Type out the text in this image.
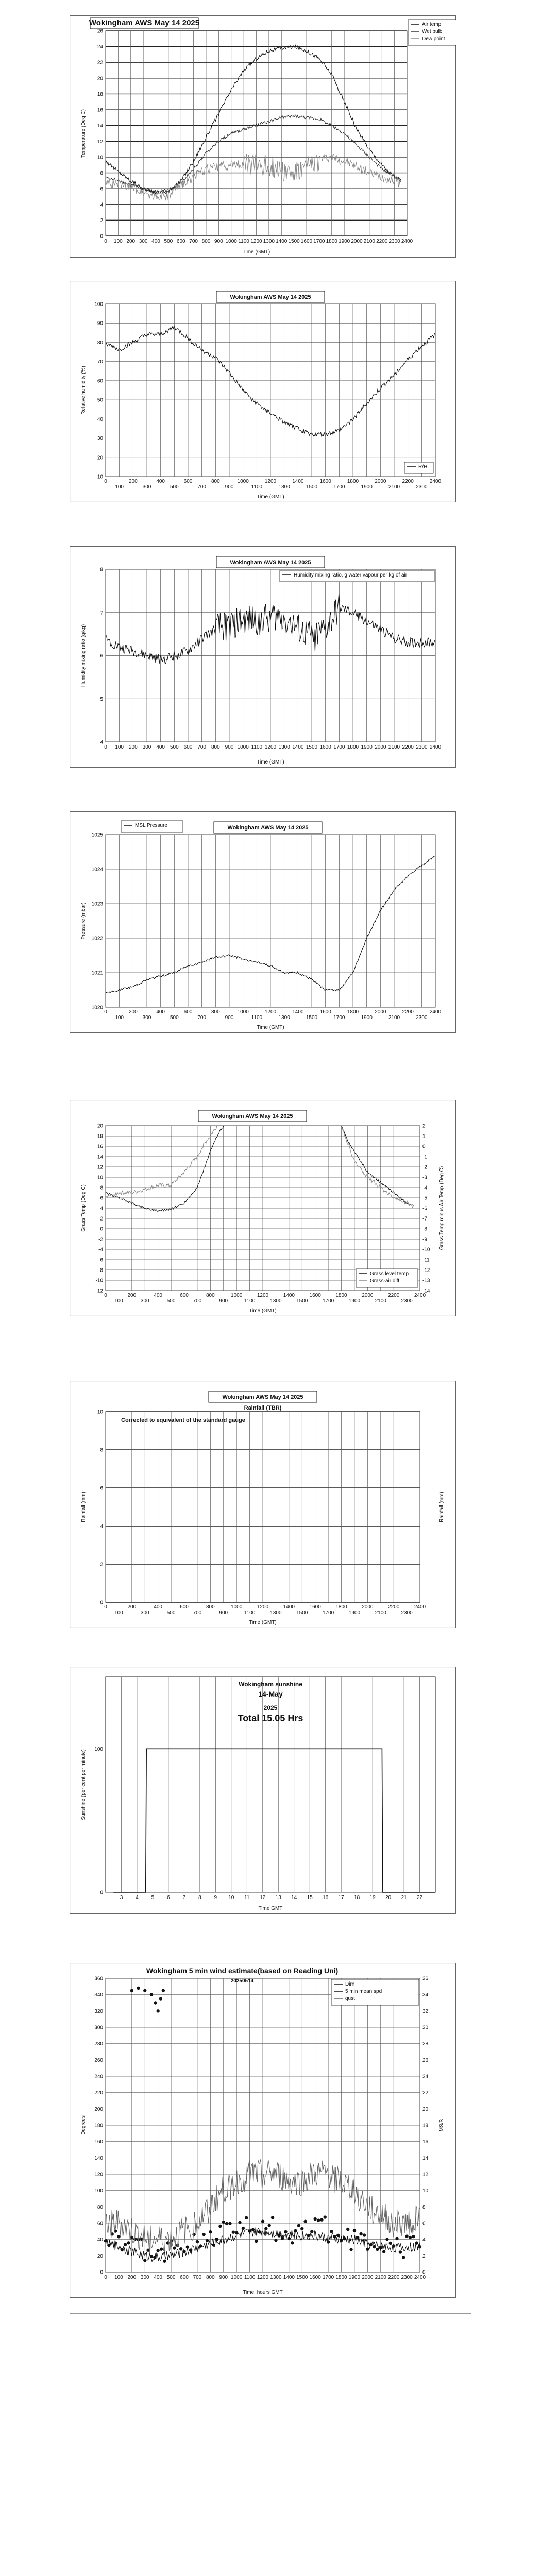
0
2
4
6
8
10
12
14
16
18
20
22
24
26
0 100 200 300 400 500 600 700 800 900 1000 1100 1200 1300 1400 1500 1600 1700 1800 1900 2000 2100 2200 2300 2400
Time (GMT)
Temperature (Deg C)
Wokingham AWS May 14 2025	Air temp
Wet bulb
Dew point
10
20
30
40
50
60
70
80
90
100
0	200	400	600	800	1000	1200	1400	1600	1800	2000	2200	2400
100	300	500	700	900	1100	1300	1500	1700	1900	2100	2300
Time (GMT)
Relative humidity (%)
Wokingham AWS May 14 2025
R/H
4
5
6
7
8
0 100 200 300 400 500 600 700 800 900 1000 1100 1200 1300 1400 1500 1600 1700 1800 1900 2000 2100 2200 2300 2400
Time (GMT)
Humidity mixing ratio (g/kg)
Wokingham AWS May 14 2025
Humidity mixing ratio, g water vapour per kg of air
1020
1021
1022
1023
1024
1025
0	200	400	600	800	1000	1200	1400	1600	1800	2000	2200	2400
100	300	500	700	900	1100	1300	1500	1700	1900	2100	2300
Time (GMT)
Pressure (mbar)
Wokingham AWS May 14 2025
MSL Pressure
-12
-10
-8
-6
-4
-2
0
2
4
6
8
10
12
14
16
18
20
-14
-13
-12
-11
-10
-9
-8
-7
-6
-5
-4
-3
-2
-1
0
1
2
0	200	400	600	800	1000	1200	1400	1600	1800	2000	2200	2400
100	300	500	700	900	1100	1300	1500	1700	1900	2100	2300
Time (GMT)
Grass Temp (Deg C)	Grass Temp minus Air Temp (Deg C)
Wokingham AWS May 14 2025
Grass level temp
Grass-air diff
0
2
4
6
8
10
0	200	400	600	800	1000	1200	1400	1600	1800	2000	2200	2400
100	300	500	700	900	1100	1300	1500	1700	1900	2100	2300
Time (GMT)
Rainfall (mm)	Rainfall (mm)
Wokingham AWS May 14 2025
Rainfall (TBR)
Corrected to equivalent of the standard gauge
0
100
3 4 5 6 7 8 9 10 11 12 13 14 15 16 17 18 19 20 21 22
Time GMT
Sunshine (per cent per minute)
Wokingham sunshine
14-May
2025
Total 15.05 Hrs
0
20
40
60
80
100
120
140
160
180
200
220
240
260
280
300
320
340
360
0
2
4
6
8
10
12
14
16
18
20
22
24
26
28
30
32
34
36
0 100 200 300 400 500 600 700 800 900 1000 1100 1200 1300 1400 1500 1600 1700 1800 1900 2000 2100 2200 2300 2400
Time, hours GMT
Degrees	MS/S
Wokingham 5 min wind estimate(based on Reading Uni)
20250514
Dirn
5 min mean spd
gust
